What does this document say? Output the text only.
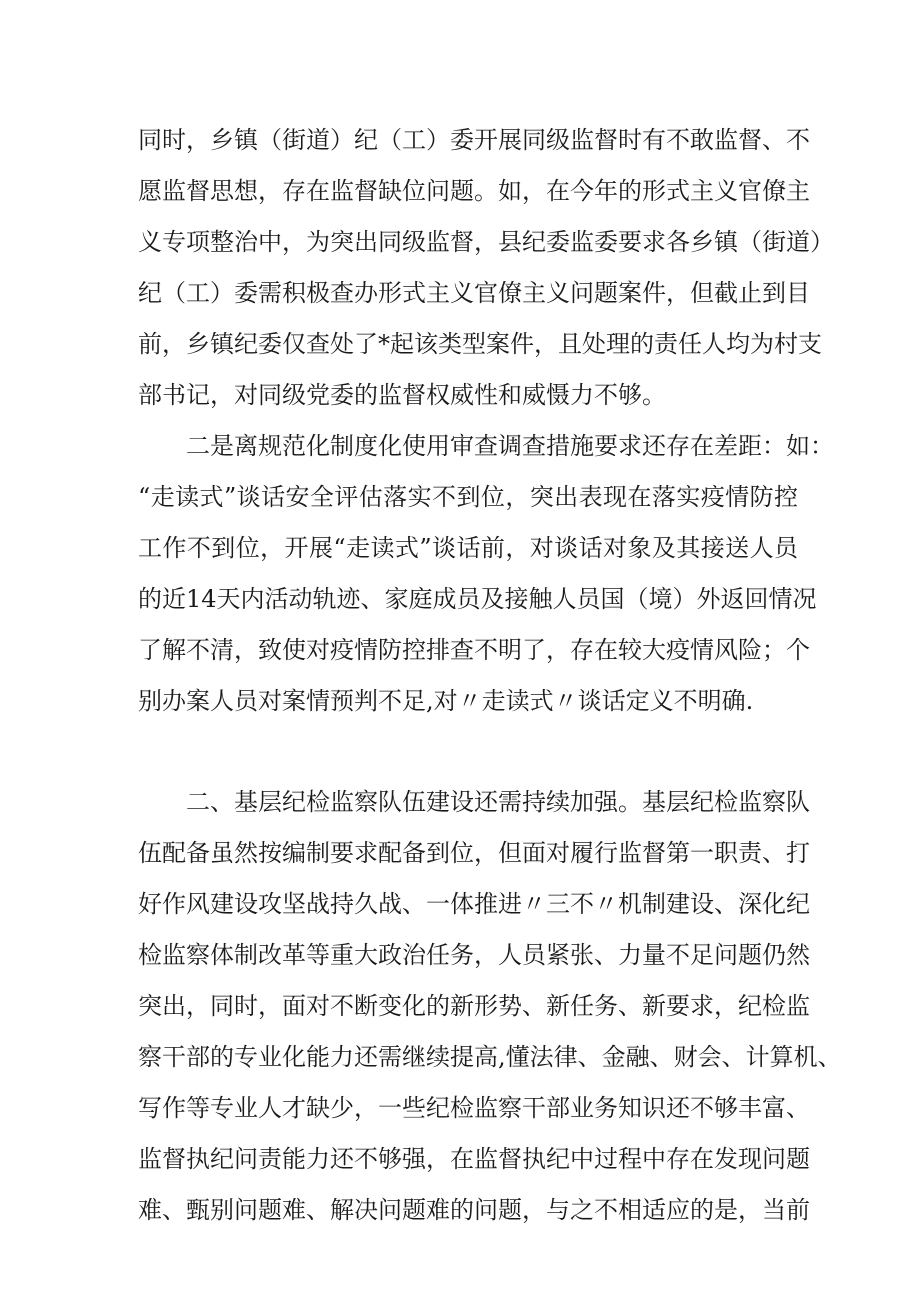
同时，乡镇（街道）纪（工）委开展同级监督时有不敢监督、不
愿监督思想，存在监督缺位问题。如，在今年的形式主义官僚主
义专项整治中，为突出同级监督，县纪委监委要求各乡镇（街道）
纪（工）委需积极查办形式主义官僚主义问题案件，但截止到目
前，乡镇纪委仅查处了*起该类型案件，且处理的责任人均为村支
部书记，对同级党委的监督权威性和威慑力不够。
二是离规范化制度化使用审查调查措施要求还存在差距：如：
“走读式”谈话安全评估落实不到位，突出表现在落实疫情防控
工作不到位，开展“走读式”谈话前，对谈话对象及其接送人员
的近14天内活动轨迹、家庭成员及接触人员国（境）外返回情况
了解不清，致使对疫情防控排查不明了，存在较大疫情风险；个
别办案人员对案情预判不足,对〃走读式〃谈话定义不明确.
二、基层纪检监察队伍建设还需持续加强。基层纪检监察队
伍配备虽然按编制要求配备到位，但面对履行监督第一职责、打
好作风建设攻坚战持久战、一体推进〃三不〃机制建设、深化纪
检监察体制改革等重大政治任务，人员紧张、力量不足问题仍然
突出，同时，面对不断变化的新形势、新任务、新要求，纪检监
察干部的专业化能力还需继续提高,懂法律、金融、财会、计算机、
写作等专业人才缺少，一些纪检监察干部业务知识还不够丰富、
监督执纪问责能力还不够强，在监督执纪中过程中存在发现问题
难、甄别问题难、解决问题难的问题，与之不相适应的是，当前
